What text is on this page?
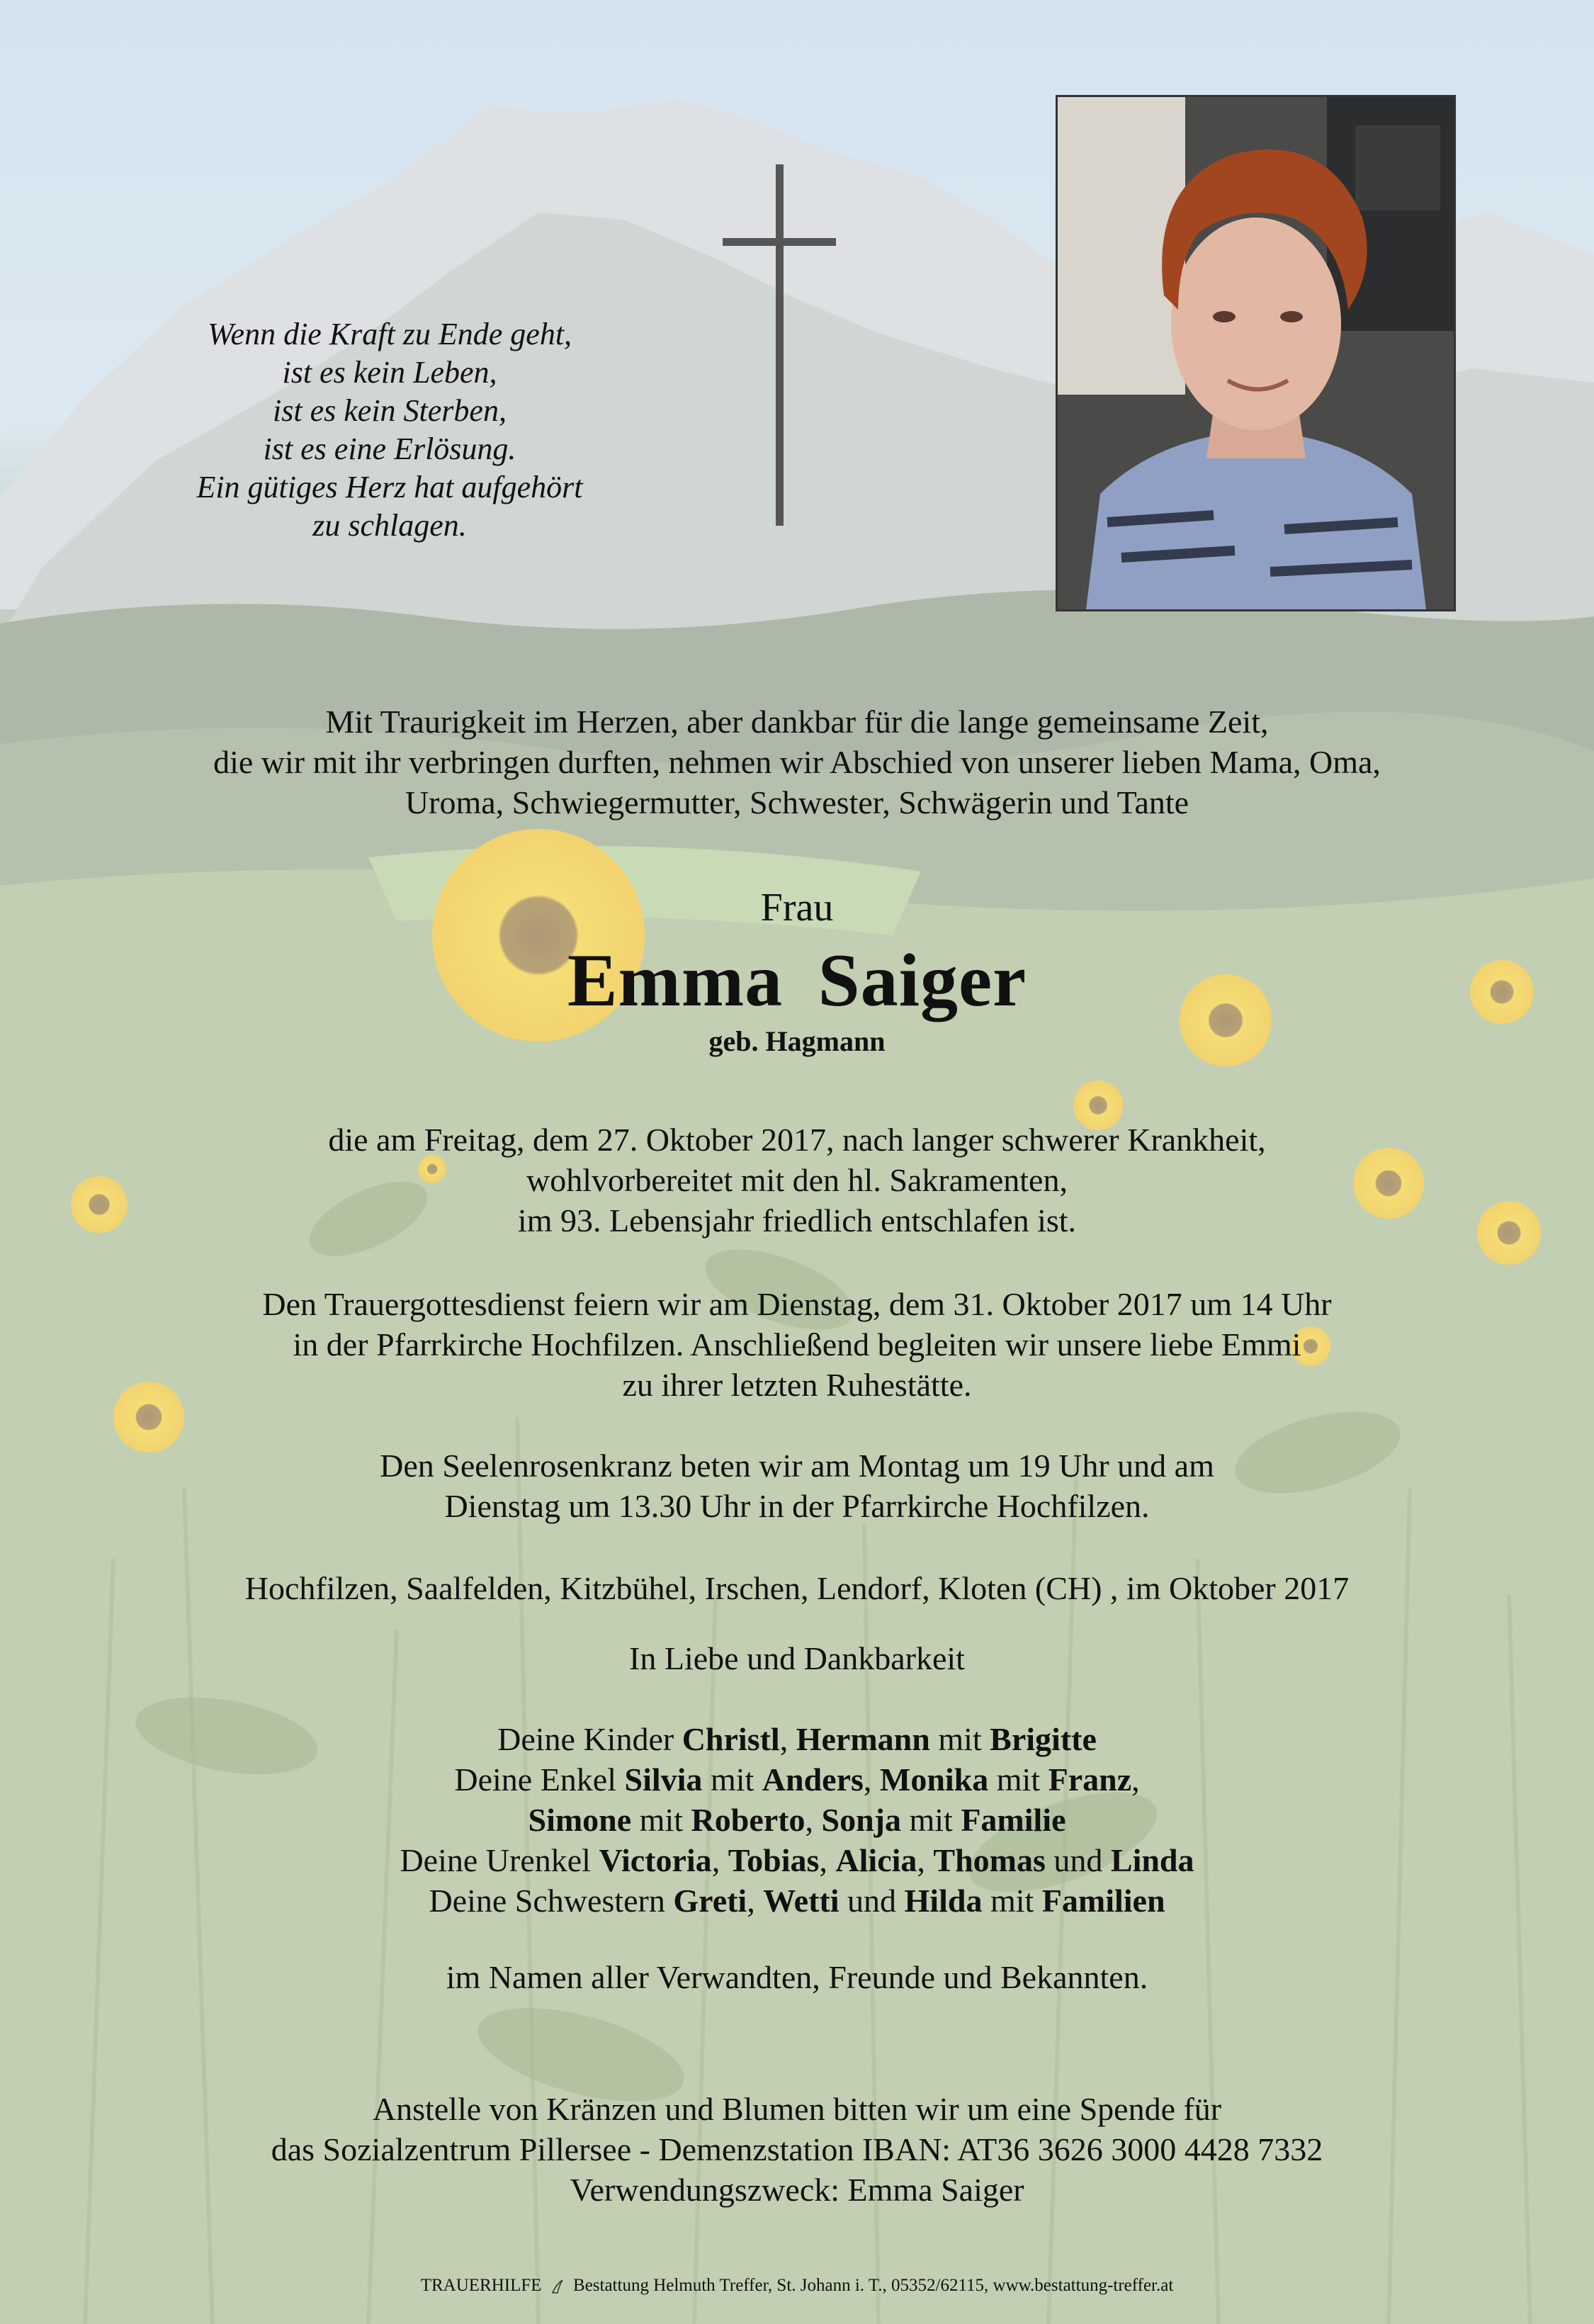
Wenn die Kraft zu Ende geht,
ist es kein Leben,
ist es kein Sterben,
ist es eine Erlösung.
Ein gütiges Herz hat aufgehört
zu schlagen.
Mit Traurigkeit im Herzen, aber dankbar für die lange gemeinsame Zeit,
die wir mit ihr verbringen durften, nehmen wir Abschied von unserer lieben Mama, Oma,
Uroma, Schwiegermutter, Schwester, Schwägerin und Tante
Frau
Emma Saiger
geb. Hagmann
die am Freitag, dem 27. Oktober 2017, nach langer schwerer Krankheit,
wohlvorbereitet mit den hl. Sakramenten,
im 93. Lebensjahr friedlich entschlafen ist.
Den Trauergottesdienst feiern wir am Dienstag, dem 31. Oktober 2017 um 14 Uhr
in der Pfarrkirche Hochfilzen. Anschließend begleiten wir unsere liebe Emmi
zu ihrer letzten Ruhestätte.
Den Seelenrosenkranz beten wir am Montag um 19 Uhr und am
Dienstag um 13.30 Uhr in der Pfarrkirche Hochfilzen.
Hochfilzen, Saalfelden, Kitzbühel, Irschen, Lendorf, Kloten (CH) , im Oktober 2017
In Liebe und Dankbarkeit
Deine Kinder Christl, Hermann mit Brigitte
Deine Enkel Silvia mit Anders, Monika mit Franz,
Simone mit Roberto, Sonja mit Familie
Deine Urenkel Victoria, Tobias, Alicia, Thomas und Linda
Deine Schwestern Greti, Wetti und Hilda mit Familien
im Namen aller Verwandten, Freunde und Bekannten.
Anstelle von Kränzen und Blumen bitten wir um eine Spende für
das Sozialzentrum Pillersee - Demenzstation IBAN: AT36 3626 3000 4428 7332
Verwendungszweck: Emma Saiger
TRAUERHILFE Bestattung Helmuth Treffer, St. Johann i. T., 05352/62115, www.bestattung-treffer.at
